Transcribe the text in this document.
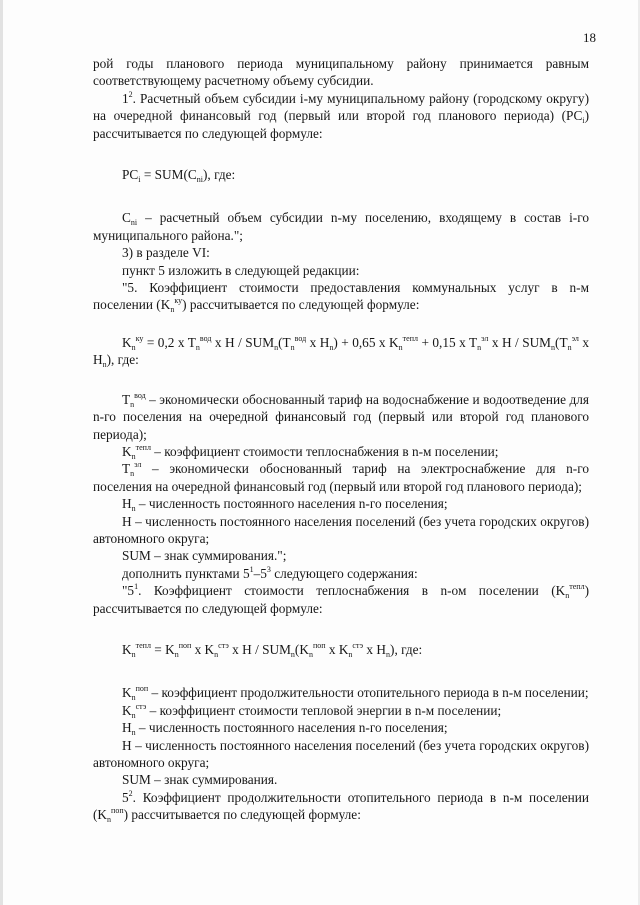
18

рой годы планового периода муниципальному району принимается равным соответствующему расчетному объему субсидии.

$1^2$. Расчетный объем субсидии i-му муниципальному району (городскому округу) на очередной финансовый год (первый или второй год планового периода) $(PC_i)$ рассчитывается по следующей формуле:

$PC_i = SUM(C_{ni})$, где:

$C_{ni}$ – расчетный объем субсидии n-му поселению, входящему в состав i-го муниципального района.";

3) в разделе VI:

пункт 5 изложить в следующей редакции:

"5. Коэффициент стоимости предоставления коммунальных услуг в n-м поселении $(K_n^{ку})$ рассчитывается по следующей формуле:

$K_n^{ку} = 0,2$ x $T_n^{вод}$ x H / $SUM_n(T_n^{вод}$ x $H_n) + 0,65$ x $K_n^{тепл} + 0,15$ x $T_n^{эл}$ x H / $SUM_n(T_n^{эл}$ x $H_n$), где:

$T_n^{вод}$ – экономически обоснованный тариф на водоснабжение и водоотведение для n-го поселения на очередной финансовый год (первый или второй год планового периода);

$K_n^{тепл}$ – коэффициент стоимости теплоснабжения в n-м поселении;

$T_n^{эл}$ – экономически обоснованный тариф на электроснабжение для n-го поселения на очередной финансовый год (первый или второй год планового периода);

$H_n$ – численность постоянного населения n-го поселения;

H – численность постоянного населения поселений (без учета городских округов) автономного округа;

SUM – знак суммирования.";

дополнить пунктами $5^1-5^3$ следующего содержания:

"$5^1$. Коэффициент стоимости теплоснабжения в n-ом поселении $(K_n^{тепл})$ рассчитывается по следующей формуле:

$K_n^{тепл} = K_n^{поп}$ x $K_n^{стэ}$ x H / $SUM_n(K_n^{поп}$ x $K_n^{стэ}$ x $H_n$), где:

$K_n^{поп}$ – коэффициент продолжительности отопительного периода в n-м поселении;

$K_n^{стэ}$ – коэффициент стоимости тепловой энергии в n-м поселении;

$H_n$ – численность постоянного населения n-го поселения;

H – численность постоянного населения поселений (без учета городских округов) автономного округа;

SUM – знак суммирования.

$5^2$. Коэффициент продолжительности отопительного периода в n-м поселении $(K_n^{поп})$ рассчитывается по следующей формуле:
